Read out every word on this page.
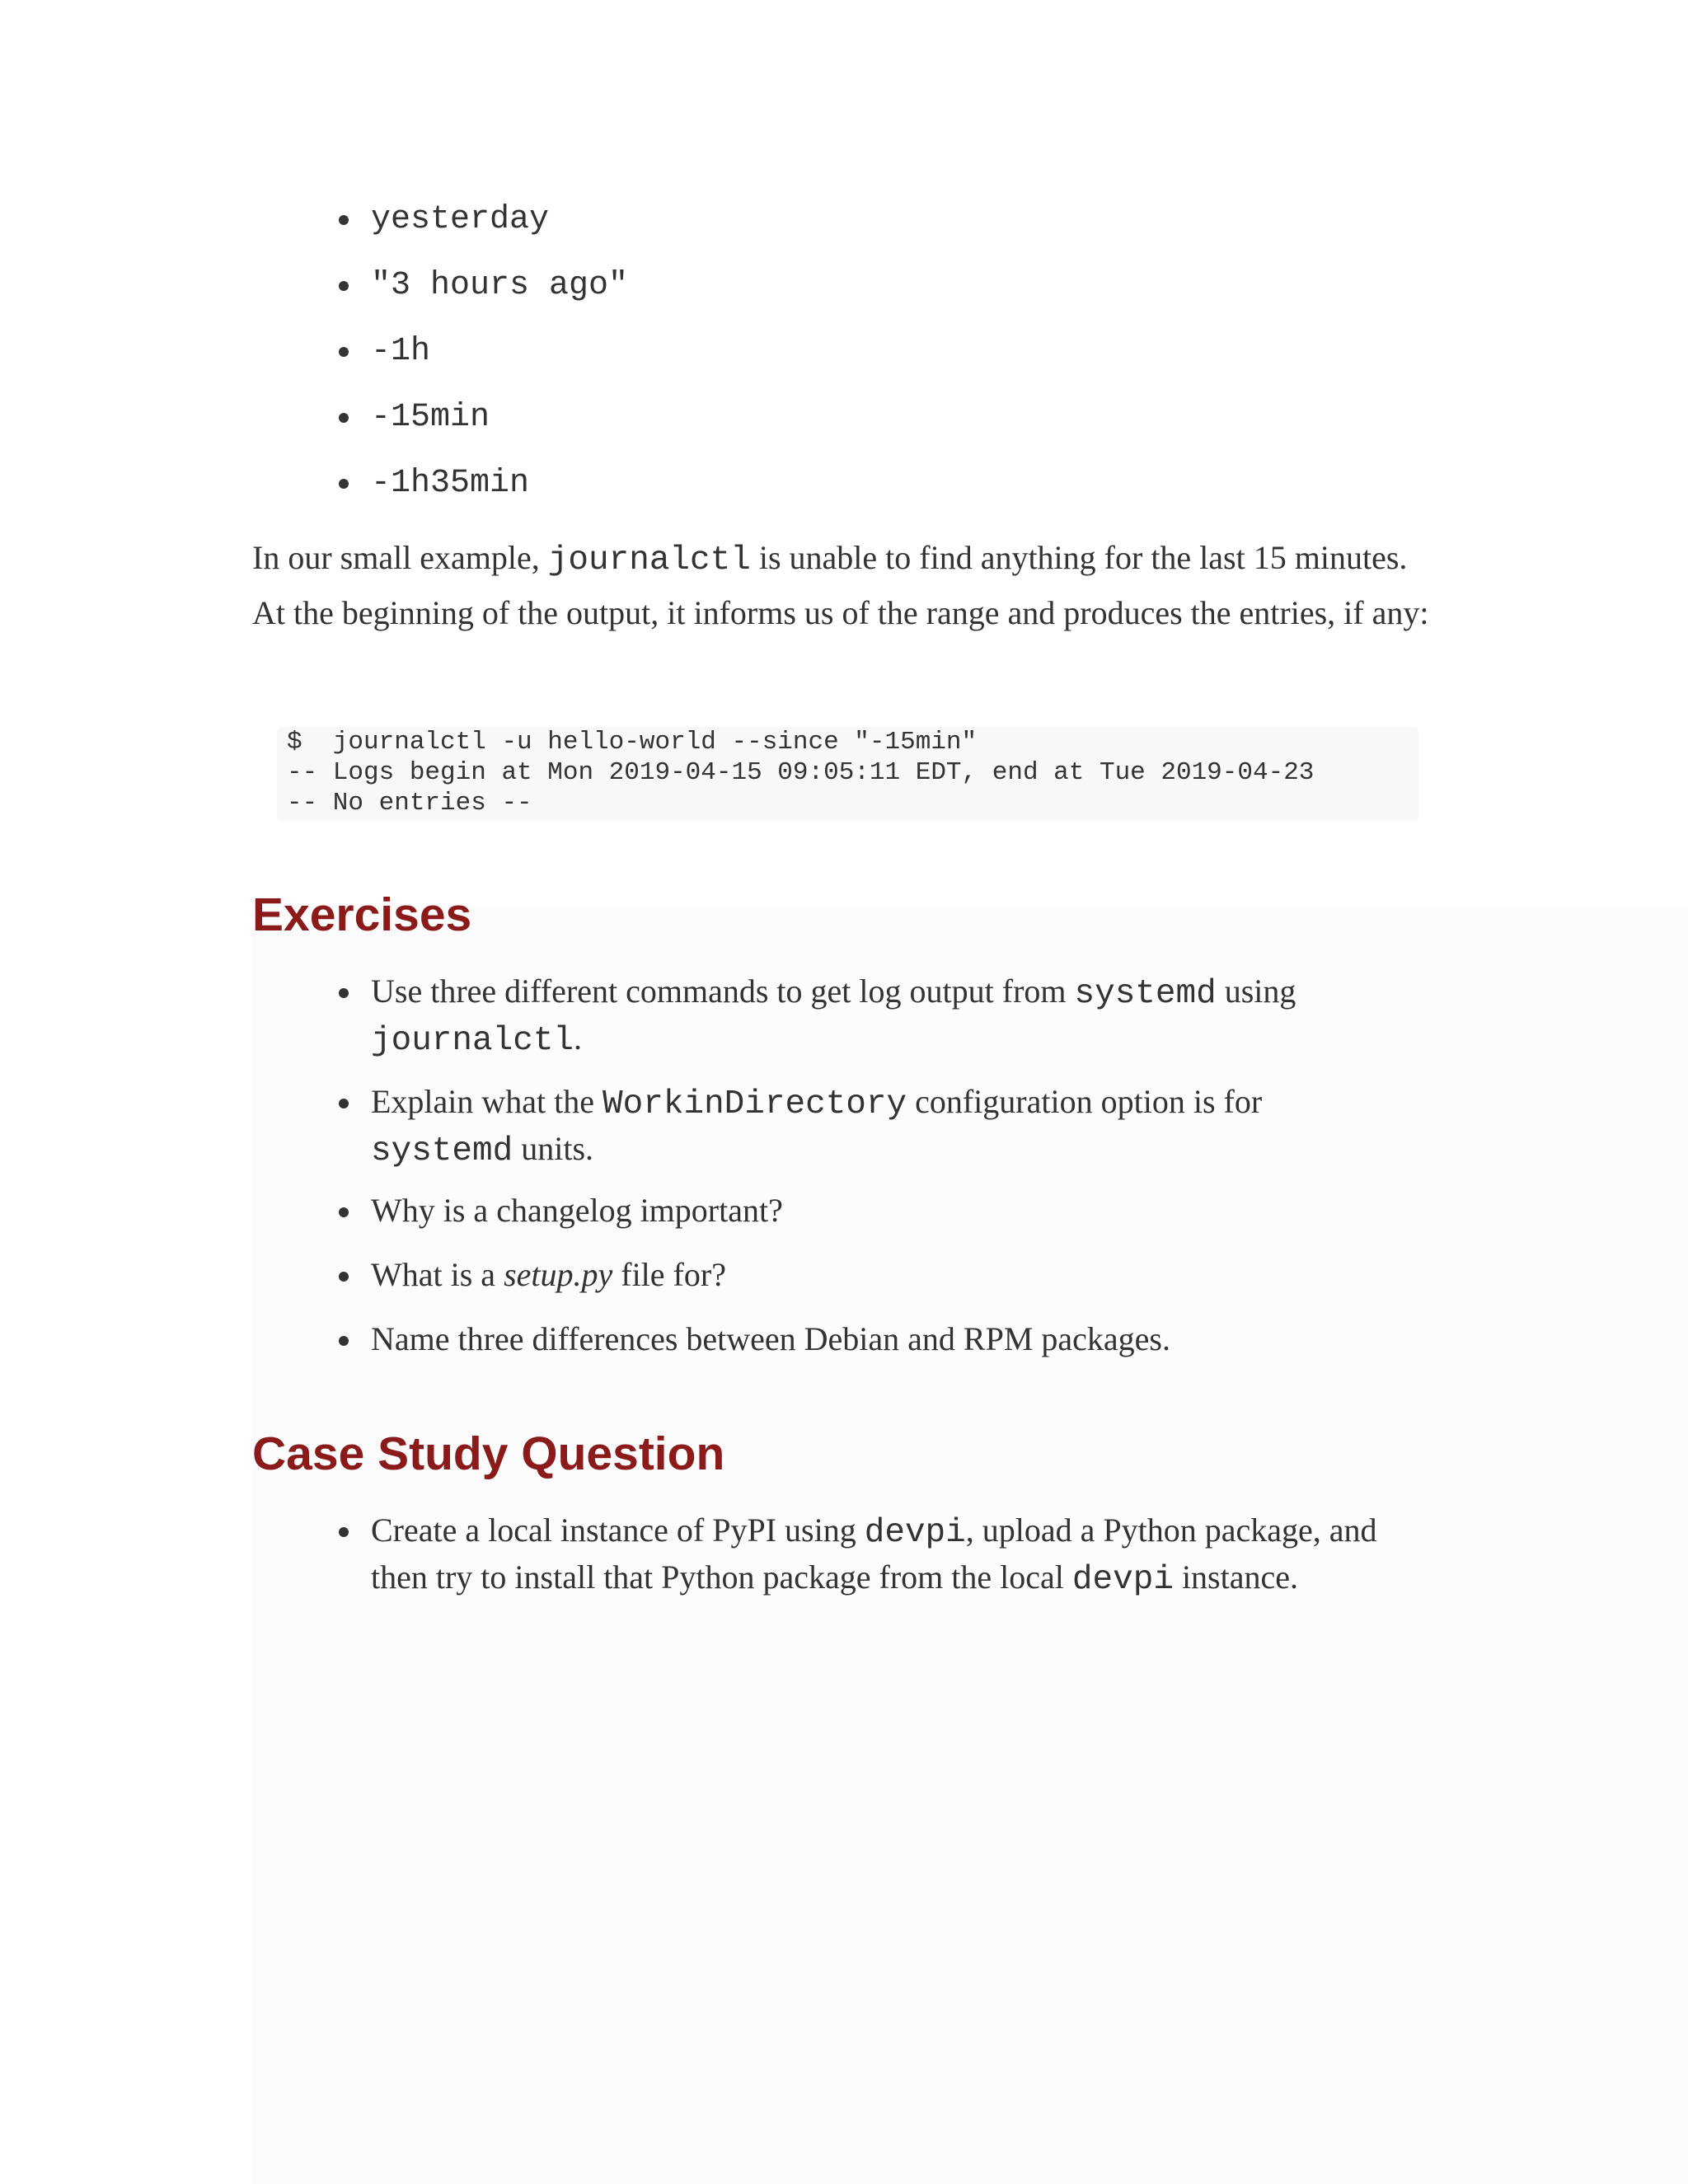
yesterday
"3 hours ago"
-1h
-15min
-1h35min

In our small example, journalctl is unable to find anything for the last 15 minutes. At the beginning of the output, it informs us of the range and produces the entries, if any:

$  journalctl -u hello-world --since "-15min"
-- Logs begin at Mon 2019-04-15 09:05:11 EDT, end at Tue 2019-04-23
-- No entries --
Exercises
Use three different commands to get log output from systemd using
journalctl.
Explain what the WorkinDirectory configuration option is for
systemd units.
Why is a changelog important?
What is a setup.py file for?
Name three differences between Debian and RPM packages.
Case Study Question
Create a local instance of PyPI using devpi, upload a Python package, and
then try to install that Python package from the local devpi instance.
